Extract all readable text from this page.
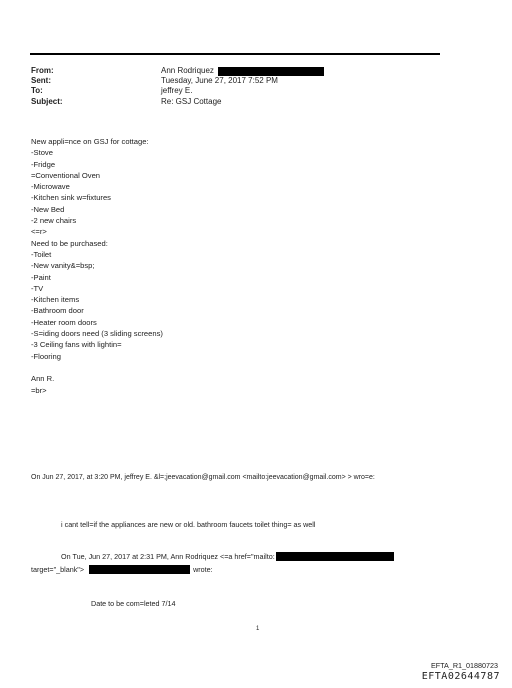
From:	Ann Rodriquez
Sent:	Tuesday, June 27, 2017 7:52 PM
To:	jeffrey E.
Subject:	Re: GSJ Cottage
New appli=nce on GSJ for cottage:
-Stove
-Fridge
=Conventional Oven
-Microwave
-Kitchen sink w=fixtures
-New Bed
-2 new chairs
<=r>
Need to be purchased:
-Toilet
-New vanity&=bsp;
-Paint
-TV
-Kitchen items
-Bathroom door
-Heater room doors
-S=iding doors need (3 sliding screens)
-3 Ceiling fans with lightin=
-Flooring

Ann R.
=br>
On Jun 27, 2017, at 3:20 PM, jeffrey E. &l=;jeevacation@gmail.com <mailto:jeevacation@gmail.com> > wro=e:
i cant tell=if the appliances are new or old. bathroom faucets toilet thing= as well
On Tue, Jun 27, 2017 at 2:31 PM, Ann Rodriquez <=a href="mailto:
target="_blank">	wrote:
Date to be com=leted 7/14
1
EFTA_R1_01880723
EFTA02644787
